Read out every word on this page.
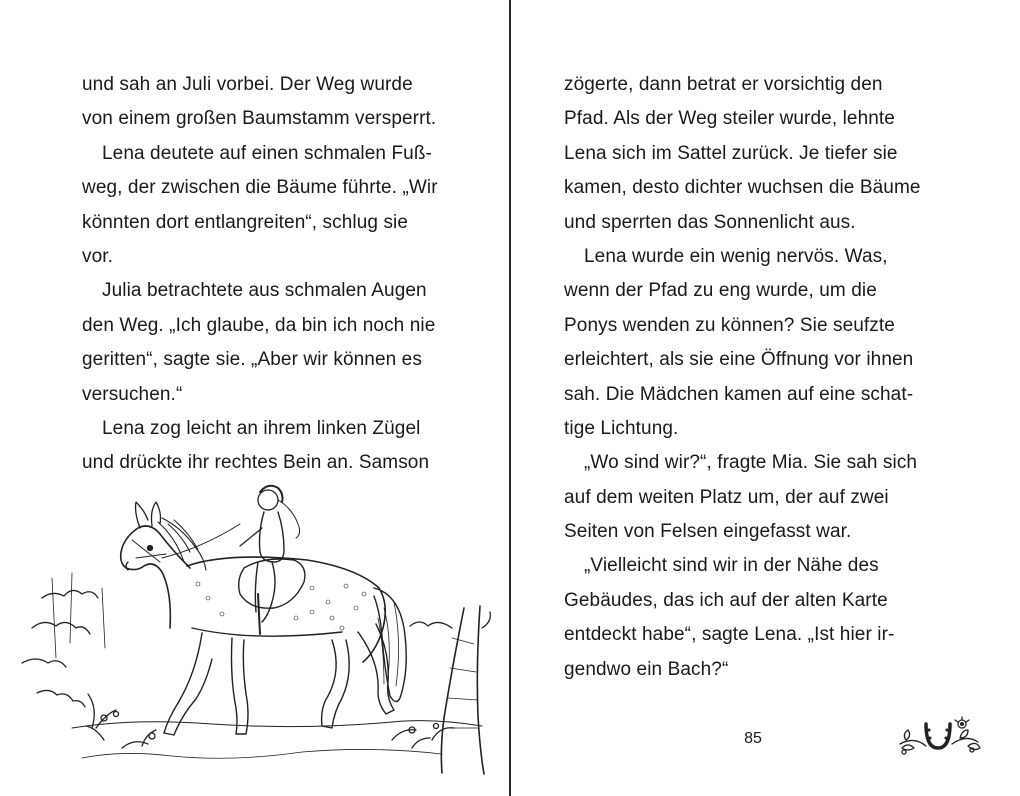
und sah an Juli vorbei. Der Weg wurde
von einem großen Baumstamm versperrt.
Lena deutete auf einen schmalen Fuß-
weg, der zwischen die Bäume führte. „Wir
könnten dort entlangreiten“, schlug sie
vor.
Julia betrachtete aus schmalen Augen
den Weg. „Ich glaube, da bin ich noch nie
geritten“, sagte sie. „Aber wir können es
versuchen.“
Lena zog leicht an ihrem linken Zügel
und drückte ihr rechtes Bein an. Samson
zögerte, dann betrat er vorsichtig den
Pfad. Als der Weg steiler wurde, lehnte
Lena sich im Sattel zurück. Je tiefer sie
kamen, desto dichter wuchsen die Bäume
und sperrten das Sonnenlicht aus.
Lena wurde ein wenig nervös. Was,
wenn der Pfad zu eng wurde, um die
Ponys wenden zu können? Sie seufzte
erleichtert, als sie eine Öffnung vor ihnen
sah. Die Mädchen kamen auf eine schat-
tige Lichtung.
„Wo sind wir?“, fragte Mia. Sie sah sich
auf dem weiten Platz um, der auf zwei
Seiten von Felsen eingefasst war.
„Vielleicht sind wir in der Nähe des
Gebäudes, das ich auf der alten Karte
entdeckt habe“, sagte Lena. „Ist hier ir-
gendwo ein Bach?“
85
